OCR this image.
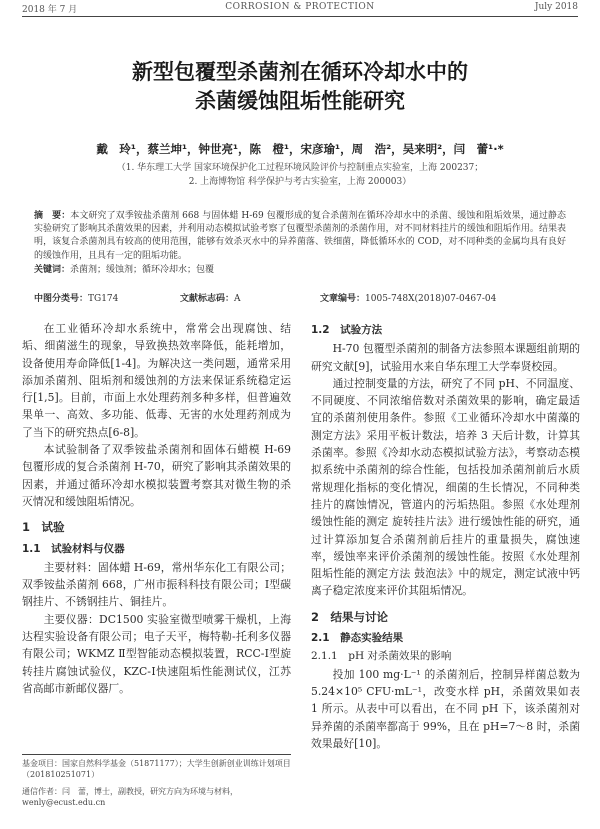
2018 年 7 月	CORROSION & PROTECTION	July 2018
新型包覆型杀菌剂在循环冷却水中的
杀菌缓蚀阻垢性能研究
戴　玲¹，蔡兰坤¹，钟世亮¹，陈　橙¹，宋彦瑜¹，周　浩²，吴来明²，闫　蕾¹·*
（1. 华东理工大学 国家环境保护化工过程环境风险评价与控制重点实验室，上海 200237；
2. 上海博物馆 科学保护与考古实验室，上海 200003）
摘　要：本文研究了双季铵盐杀菌剂 668 与固体蜡 H-69 包覆形成的复合杀菌剂在循环冷却水中的杀菌、缓蚀和阻垢效果，通过静态实验研究了影响其杀菌效果的因素，并利用动态模拟试验考察了包覆型杀菌剂的杀菌作用，对不同材料挂片的缓蚀和阻垢作用。结果表明，该复合杀菌剂具有较高的使用范围，能够有效杀灭水中的异养菌落、铁细菌，降低循环水的 COD，对不同种类的金属均具有良好的缓蚀作用，且具有一定的阻垢功能。
关键词：杀菌剂；缓蚀剂；循环冷却水；包覆
中图分类号：TG174	文献标志码：A	文章编号：1005-748X(2018)07-0467-04

在工业循环冷却水系统中，常常会出现腐蚀、结垢、细菌滋生的现象，导致换热效率降低，能耗增加，设备使用寿命降低[1-4]。为解决这一类问题，通常采用添加杀菌剂、阻垢剂和缓蚀剂的方法来保证系统稳定运行[1,5]。目前，市面上水处理药剂多种多样，但普遍效果单一、高效、多功能、低毒、无害的水处理药剂成为了当下的研究热点[6-8]。

本试验制备了双季铵盐杀菌剂和固体石蜡模 H-69 包覆形成的复合杀菌剂 H-70，研究了影响其杀菌效果的因素，并通过循环冷却水模拟装置考察其对微生物的杀灭情况和缓蚀阻垢情况。

1　试验
1.1　试验材料与仪器

主要材料：固体蜡 H-69，常州华东化工有限公司；双季铵盐杀菌剂 668，广州市振科科技有限公司；Ⅰ型碳钢挂片、不锈钢挂片、铜挂片。

主要仪器：DC1500 实验室微型喷雾干燥机，上海达程实验设备有限公司；电子天平，梅特勒-托利多仪器有限公司；WKMZ Ⅱ型智能动态模拟装置，RCC-Ⅰ型旋转挂片腐蚀试验仪，KZC-Ⅰ快速阻垢性能测试仪，江苏省高邮市新邮仪器厂。

基金项目：国家自然科学基金（51871177）；大学生创新创业训练计划项目（201810251071）
通信作者：闫　蕾，博士，副教授，研究方向为环境与材料，wenly@ecust.edu.cn
1.2　试验方法

H-70 包覆型杀菌剂的制备方法参照本课题组前期的研究文献[9]，试验用水来自华东理工大学奉贤校园。

通过控制变量的方法，研究了不同 pH、不同温度、不同硬度、不同浓缩倍数对杀菌效果的影响，确定最适宜的杀菌剂使用条件。参照《工业循环冷却水中菌藻的测定方法》采用平板计数法，培养 3 天后计数，计算其杀菌率。参照《冷却水动态模拟试验方法》，考察动态模拟系统中杀菌剂的综合性能，包括投加杀菌剂前后水质常规理化指标的变化情况，细菌的生长情况，不同种类挂片的腐蚀情况，管道内的污垢热阻。参照《水处理剂缓蚀性能的测定 旋转挂片法》进行缓蚀性能的研究，通过计算添加复合杀菌剂前后挂片的重量损失，腐蚀速率，缓蚀率来评价杀菌剂的缓蚀性能。按照《水处理剂阻垢性能的测定方法 鼓泡法》中的规定，测定试液中钙离子稳定浓度来评价其阻垢情况。

2　结果与讨论
2.1　静态实验结果
2.1.1　pH 对杀菌效果的影响

投加 100 mg·L⁻¹ 的杀菌剂后，控制异样菌总数为 5.24×10⁵ CFU·mL⁻¹，改变水样 pH，杀菌效果如表 1 所示。从表中可以看出，在不同 pH 下，该杀菌剂对异养菌的杀菌率都高于 99%，且在 pH=7～8 时，杀菌效果最好[10]。
